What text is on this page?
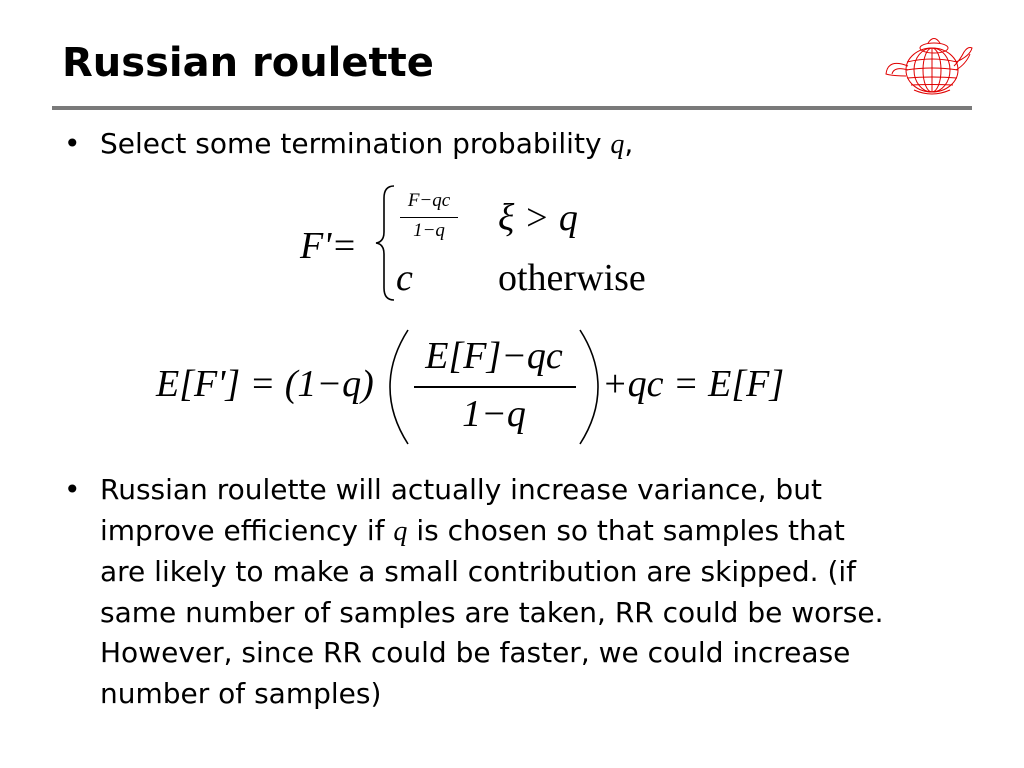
Russian roulette
• Select some termination probability q,
F'=
F−qc
1−q	ξ > q
c otherwise
E[F'] = (1−q)
E[F]−qc
1−q
+qc = E[F]
• Russian roulette will actually increase variance, but
improve efficiency if q is chosen so that samples that
are likely to make a small contribution are skipped. (if
same number of samples are taken, RR could be worse.
However, since RR could be faster, we could increase
number of samples)
